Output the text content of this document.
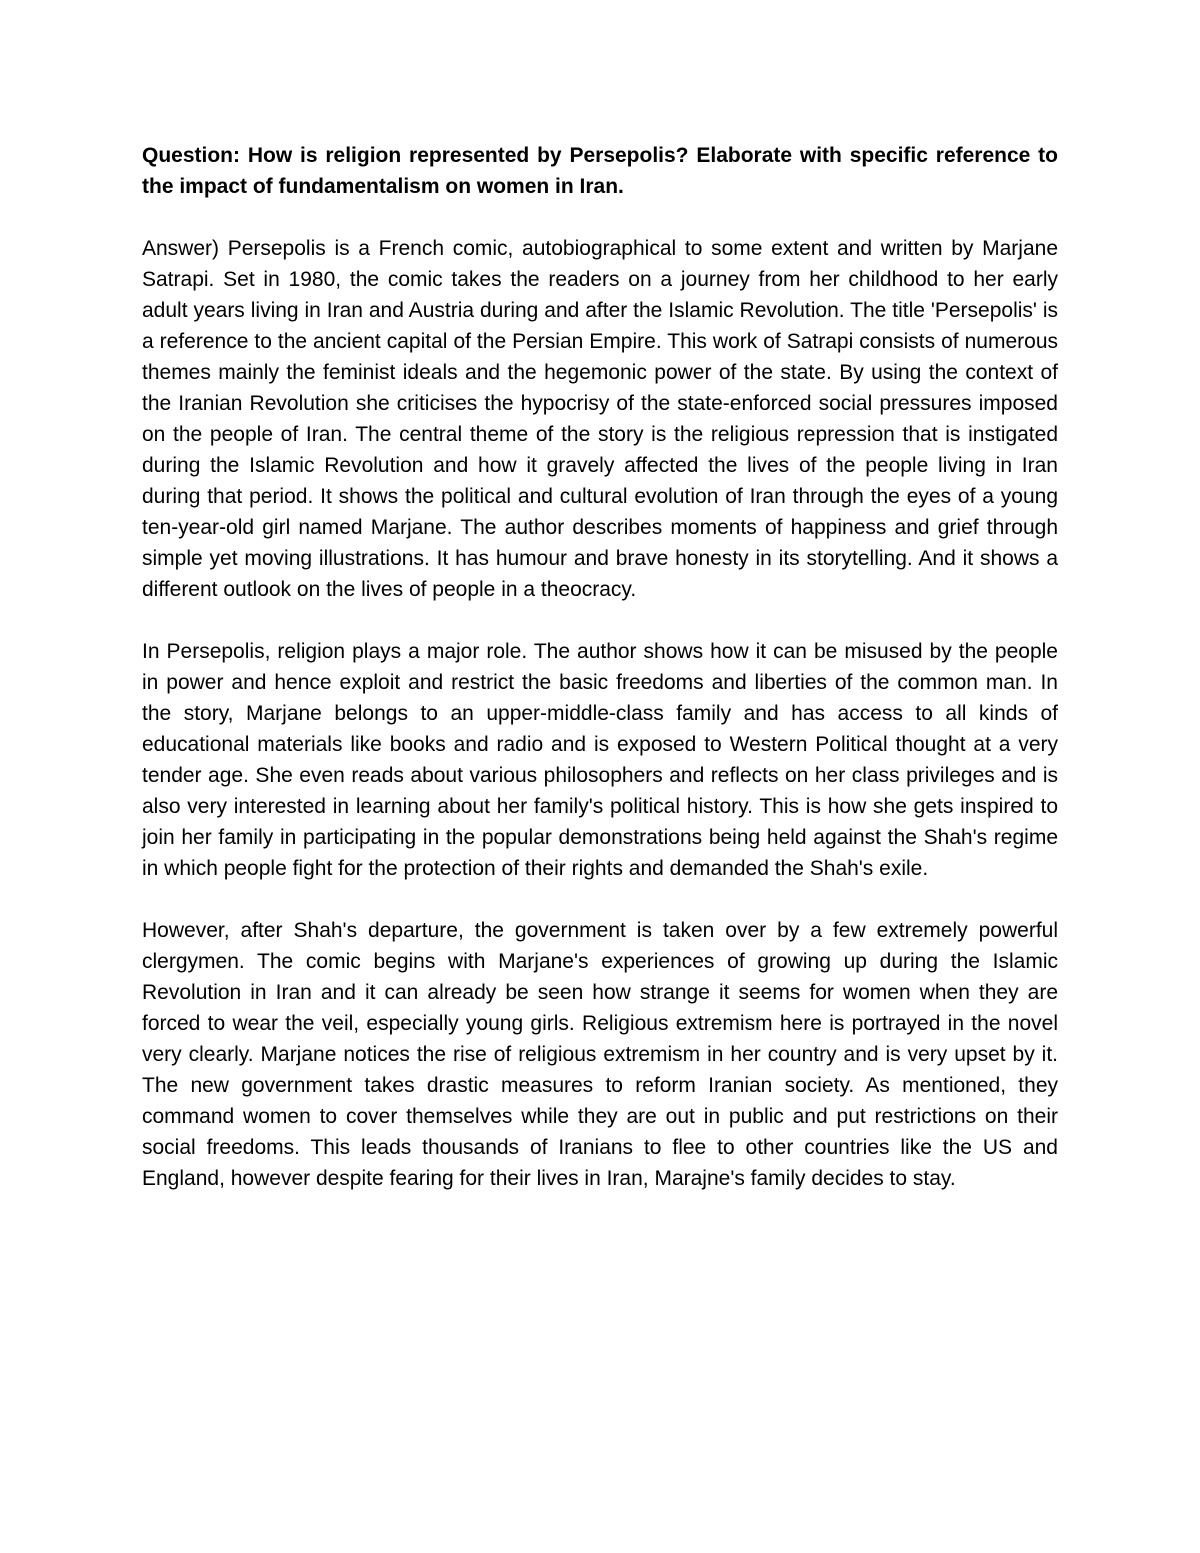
Question: How is religion represented by Persepolis? Elaborate with specific reference to the impact of fundamentalism on women in Iran.

Answer) Persepolis is a French comic, autobiographical to some extent and written by Marjane Satrapi. Set in 1980, the comic takes the readers on a journey from her childhood to her early adult years living in Iran and Austria during and after the Islamic Revolution. The title 'Persepolis' is a reference to the ancient capital of the Persian Empire. This work of Satrapi consists of numerous themes mainly the feminist ideals and the hegemonic power of the state. By using the context of the Iranian Revolution she criticises the hypocrisy of the state-enforced social pressures imposed on the people of Iran. The central theme of the story is the religious repression that is instigated during the Islamic Revolution and how it gravely affected the lives of the people living in Iran during that period. It shows the political and cultural evolution of Iran through the eyes of a young ten-year-old girl named Marjane. The author describes moments of happiness and grief through simple yet moving illustrations. It has humour and brave honesty in its storytelling. And it shows a different outlook on the lives of people in a theocracy.

In Persepolis, religion plays a major role. The author shows how it can be misused by the people in power and hence exploit and restrict the basic freedoms and liberties of the common man. In the story, Marjane belongs to an upper-middle-class family and has access to all kinds of educational materials like books and radio and is exposed to Western Political thought at a very tender age. She even reads about various philosophers and reflects on her class privileges and is also very interested in learning about her family's political history. This is how she gets inspired to join her family in participating in the popular demonstrations being held against the Shah's regime in which people fight for the protection of their rights and demanded the Shah's exile.

However, after Shah's departure, the government is taken over by a few extremely powerful clergymen. The comic begins with Marjane's experiences of growing up during the Islamic Revolution in Iran and it can already be seen how strange it seems for women when they are forced to wear the veil, especially young girls. Religious extremism here is portrayed in the novel very clearly. Marjane notices the rise of religious extremism in her country and is very upset by it. The new government takes drastic measures to reform Iranian society. As mentioned, they command women to cover themselves while they are out in public and put restrictions on their social freedoms. This leads thousands of Iranians to flee to other countries like the US and England, however despite fearing for their lives in Iran, Marajne's family decides to stay.
